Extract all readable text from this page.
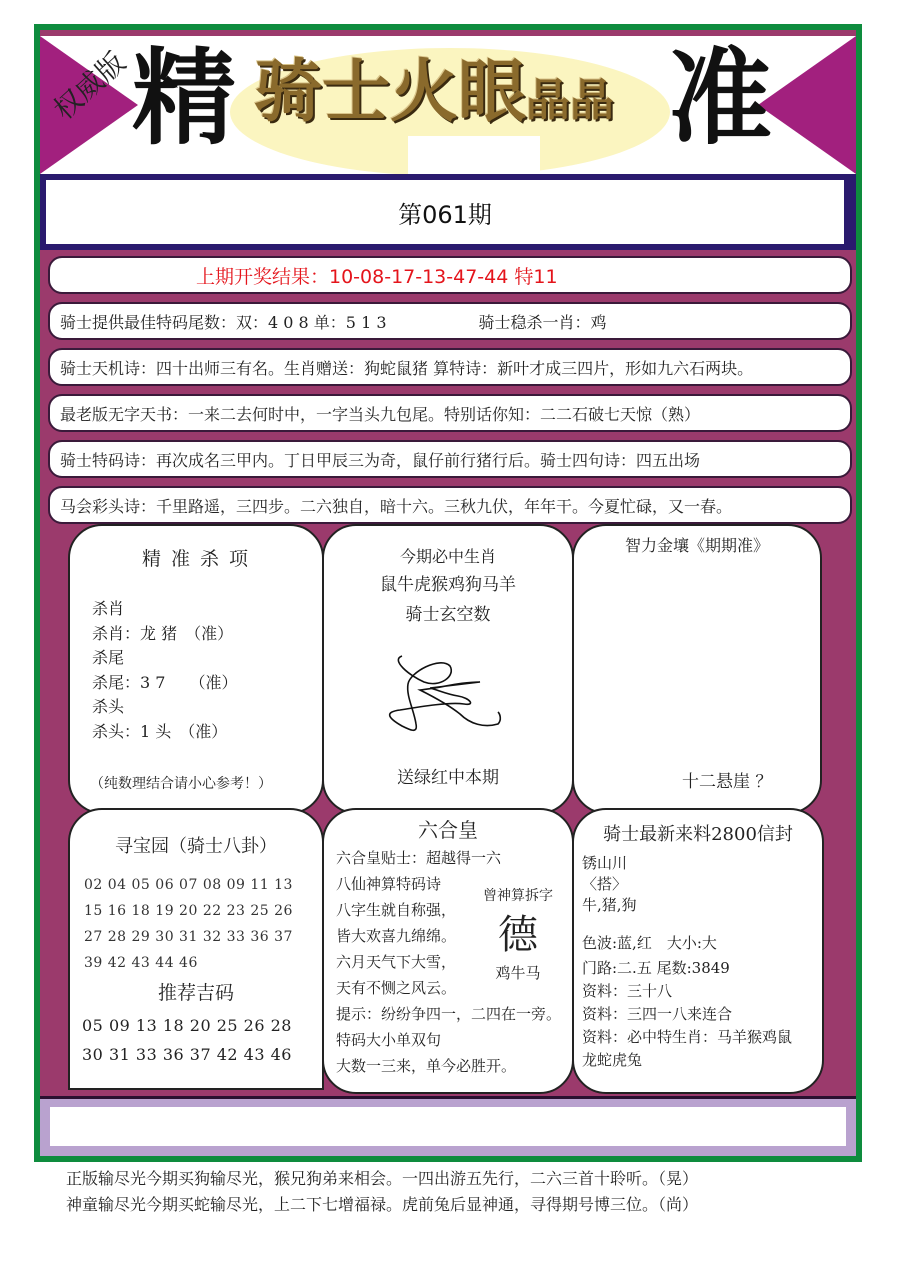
权威版 精 骑士火眼晶晶 准
第061期
上期开奖结果：10-08-17-13-47-44 特11
骑士提供最佳特码尾数：双：4 0 8 单：5 1 3	骑士稳杀一肖：鸡
骑士天机诗：四十出师三有名。生肖赠送：狗蛇鼠猪 算特诗：新叶才成三四片，形如九六石两块。
最老版无字天书：一来二去何时中，一字当头九包尾。特别话你知：二二石破七天惊（熟）
骑士特码诗：再次成名三甲内。丁日甲辰三为奇，鼠仔前行猪行后。骑士四句诗：四五出场
马会彩头诗：千里路遥，三四步。二六独自，暗十六。三秋九伏，年年干。今夏忙碌，又一春。
精 准 杀 项
杀肖
杀肖：龙 猪　（准）
杀尾
杀尾：3 7　　（准）
杀头
杀头：1 头　（准）
（纯数理结合请小心参考！）
今期必中生肖
鼠牛虎猴鸡狗马羊
骑士玄空数
送绿红中本期
智力金壤《期期准》
十二悬崖 ？
寻宝园（骑士八卦）
02 04 05 06 07 08 09 11 13
15 16 18 19 20 22 23 25 26
27 28 29 30 31 32 33 36 37
39 42 43 44 46
推荐吉码
05 09 13 18 20 25 26 28
30 31 33 36 37 42 43 46
六合皇
六合皇贴士：超越得一六
八仙神算特码诗
八字生就自称强，
皆大欢喜九绵绵。
六月天气下大雪，
天有不恻之风云。
提示：纷纷争四一，二四在一旁。
特码大小单双句
大数一三来，单今必胜开。
曾神算拆字
德
鸡牛马
骑士最新来料2800信封
锈山川
〈搭〉
牛,猪,狗
色波:蓝,红　大小:大
门路:二.五 尾数:3849
资料：三十八
资料：三四一八来连合
资料：必中特生肖：马羊猴鸡鼠
龙蛇虎兔
正版输尽光今期买狗输尽光，猴兄狗弟来相会。一四出游五先行，二六三首十聆听。（晃）
神童输尽光今期买蛇输尽光，上二下七增福禄。虎前兔后显神通，寻得期号博三位。（尚）
